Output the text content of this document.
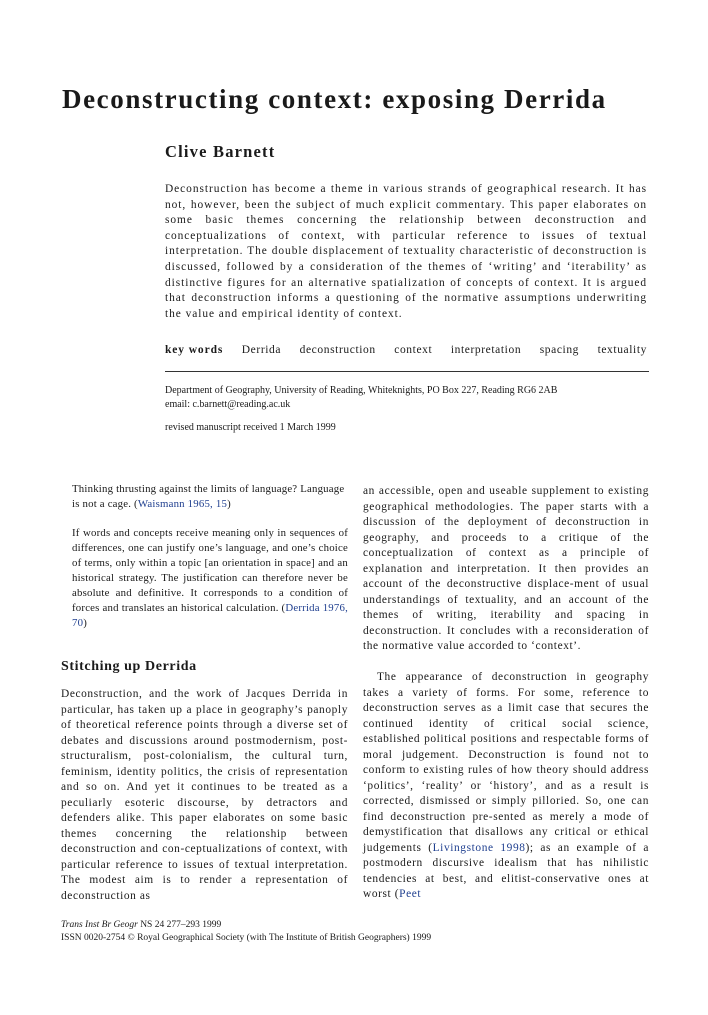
Deconstructing context: exposing Derrida
Clive Barnett
Deconstruction has become a theme in various strands of geographical research. It has not, however, been the subject of much explicit commentary. This paper elaborates on some basic themes concerning the relationship between deconstruction and conceptualizations of context, with particular reference to issues of textual interpretation. The double displacement of textuality characteristic of deconstruction is discussed, followed by a consideration of the themes of ‘writing’ and ‘iterability’ as distinctive figures for an alternative spatialization of concepts of context. It is argued that deconstruction informs a questioning of the normative assumptions underwriting the value and empirical identity of context.
key words Derrida deconstruction context interpretation spacing textuality
Department of Geography, University of Reading, Whiteknights, PO Box 227, Reading RG6 2AB
email: c.barnett@reading.ac.uk
revised manuscript received 1 March 1999
Thinking thrusting against the limits of language? Language is not a cage. (Waismann 1965, 15)
If words and concepts receive meaning only in sequences of differences, one can justify one’s language, and one’s choice of terms, only within a topic [an orientation in space] and an historical strategy. The justification can therefore never be absolute and definitive. It corresponds to a condition of forces and translates an historical calculation. (Derrida 1976, 70)
Stitching up Derrida
Deconstruction, and the work of Jacques Derrida in particular, has taken up a place in geography’s panoply of theoretical reference points through a diverse set of debates and discussions around postmodernism, post-structuralism, post-colonialism, the cultural turn, feminism, identity politics, the crisis of representation and so on. And yet it continues to be treated as a peculiarly esoteric discourse, by detractors and defenders alike. This paper elaborates on some basic themes concerning the relationship between deconstruction and con-ceptualizations of context, with particular reference to issues of textual interpretation. The modest aim is to render a representation of deconstruction as
an accessible, open and useable supplement to existing geographical methodologies. The paper starts with a discussion of the deployment of deconstruction in geography, and proceeds to a critique of the conceptualization of context as a principle of explanation and interpretation. It then provides an account of the deconstructive displace-ment of usual understandings of textuality, and an account of the themes of writing, iterability and spacing in deconstruction. It concludes with a reconsideration of the normative value accorded to ‘context’.
The appearance of deconstruction in geography takes a variety of forms. For some, reference to deconstruction serves as a limit case that secures the continued identity of critical social science, established political positions and respectable forms of moral judgement. Deconstruction is found not to conform to existing rules of how theory should address ‘politics’, ‘reality’ or ‘history’, and as a result is corrected, dismissed or simply pilloried. So, one can find deconstruction pre-sented as merely a mode of demystification that disallows any critical or ethical judgements (Livingstone 1998); as an example of a postmodern discursive idealism that has nihilistic tendencies at best, and elitist-conservative ones at worst (Peet
Trans Inst Br Geogr NS 24 277–293 1999
ISSN 0020-2754 © Royal Geographical Society (with The Institute of British Geographers) 1999
